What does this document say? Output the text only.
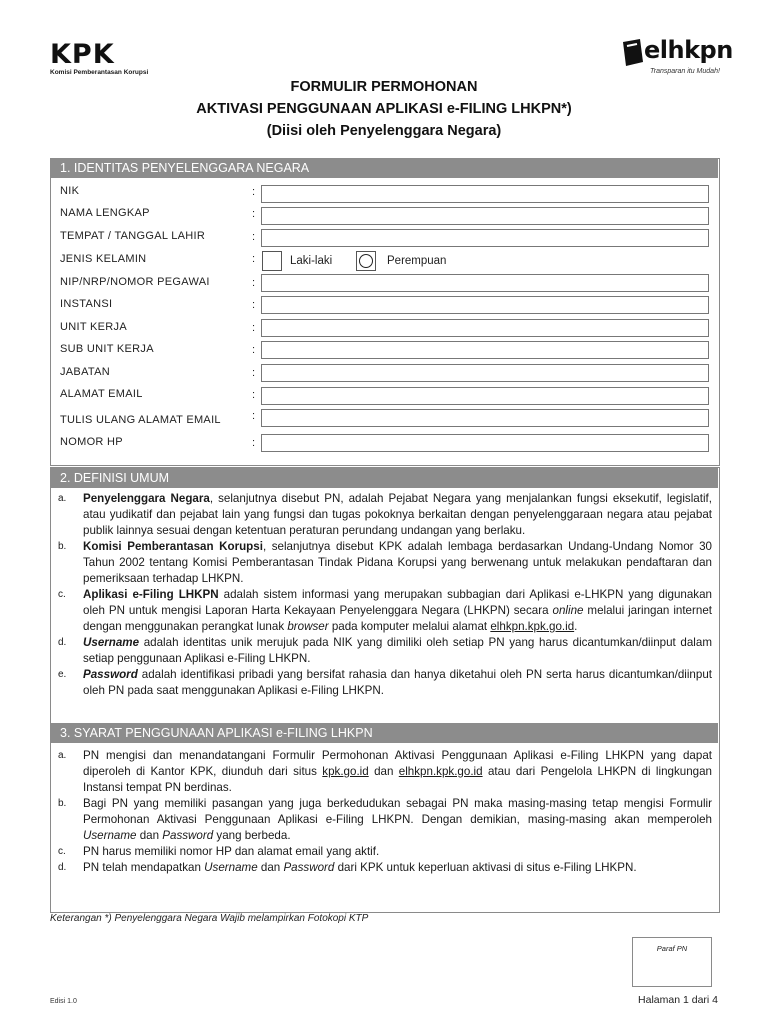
KPK
Komisi Pemberantasan Korupsi
elhkpn
Transparan itu Mudah!
FORMULIR PERMOHONAN
AKTIVASI PENGGUNAAN APLIKASI e-FILING LHKPN*)
(Diisi oleh Penyelenggara Negara)
1. IDENTITAS PENYELENGGARA NEGARA
NIK	:
NAMA LENGKAP	:
TEMPAT / TANGGAL LAHIR	:
JENIS KELAMIN	:	Laki-laki	Perempuan
NIP/NRP/NOMOR PEGAWAI	:
INSTANSI	:
UNIT KERJA	:
SUB UNIT KERJA	:
JABATAN	:
ALAMAT EMAIL	:
TULIS ULANG ALAMAT EMAIL	:
NOMOR HP	:
2. DEFINISI UMUM
a. Penyelenggara Negara, selanjutnya disebut PN, adalah Pejabat Negara yang menjalankan fungsi eksekutif, legislatif, atau yudikatif dan pejabat lain yang fungsi dan tugas pokoknya berkaitan dengan penyelenggaraan negara atau pejabat publik lainnya sesuai dengan ketentuan peraturan perundang undangan yang berlaku.
b. Komisi Pemberantasan Korupsi, selanjutnya disebut KPK adalah lembaga berdasarkan Undang-Undang Nomor 30 Tahun 2002 tentang Komisi Pemberantasan Tindak Pidana Korupsi yang berwenang untuk melakukan pendaftaran dan pemeriksaan terhadap LHKPN.
c. Aplikasi e-Filing LHKPN adalah sistem informasi yang merupakan subbagian dari Aplikasi e-LHKPN yang digunakan oleh PN untuk mengisi Laporan Harta Kekayaan Penyelenggara Negara (LHKPN) secara online melalui jaringan internet dengan menggunakan perangkat lunak browser pada komputer melalui alamat elhkpn.kpk.go.id.
d. Username adalah identitas unik merujuk pada NIK yang dimiliki oleh setiap PN yang harus dicantumkan/diinput dalam setiap penggunaan Aplikasi e-Filing LHKPN.
e. Password adalah identifikasi pribadi yang bersifat rahasia dan hanya diketahui oleh PN serta harus dicantumkan/diinput oleh PN pada saat menggunakan Aplikasi e-Filing LHKPN.
3. SYARAT PENGGUNAAN APLIKASI e-FILING LHKPN
a. PN mengisi dan menandatangani Formulir Permohonan Aktivasi Penggunaan Aplikasi e-Filing LHKPN yang dapat diperoleh di Kantor KPK, diunduh dari situs kpk.go.id dan elhkpn.kpk.go.id atau dari Pengelola LHKPN di lingkungan Instansi tempat PN berdinas.
b. Bagi PN yang memiliki pasangan yang juga berkedudukan sebagai PN maka masing-masing tetap mengisi Formulir Permohonan Aktivasi Penggunaan Aplikasi e-Filing LHKPN. Dengan demikian, masing-masing akan memperoleh Username dan Password yang berbeda.
c. PN harus memiliki nomor HP dan alamat email yang aktif.
d. PN telah mendapatkan Username dan Password dari KPK untuk keperluan aktivasi di situs e-Filing LHKPN.
Keterangan *) Penyelenggara Negara Wajib melampirkan Fotokopi KTP
Paraf PN
Edisi 1.0	Halaman 1 dari 4
